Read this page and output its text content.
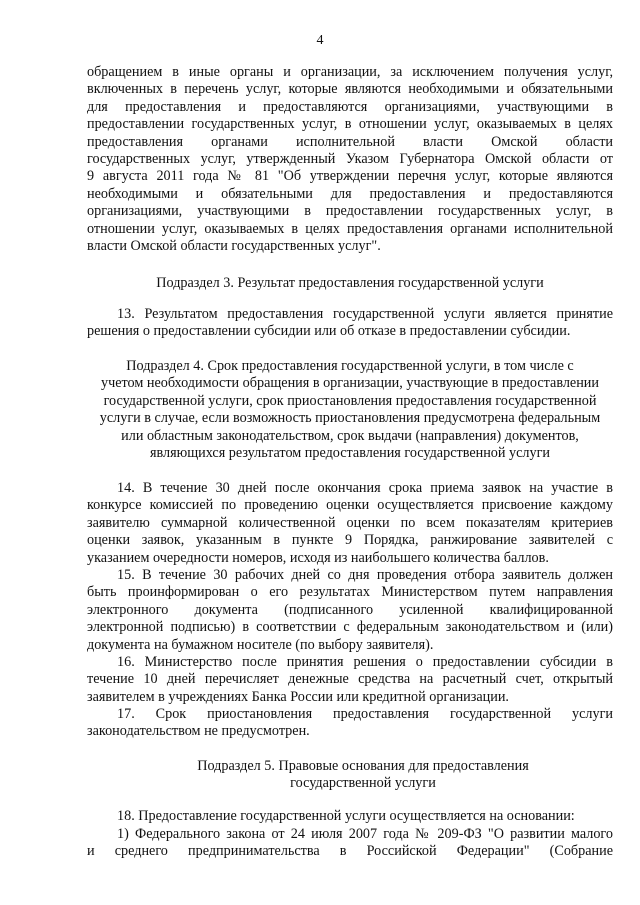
4
обращением в иные органы и организации, за исключением получения услуг,
включенных в перечень услуг, которые являются необходимыми и обязательными
для предоставления и предоставляются организациями, участвующими в
предоставлении государственных услуг, в отношении услуг, оказываемых в целях
предоставления органами исполнительной власти Омской области
государственных услуг, утвержденный Указом Губернатора Омской области от
9 августа 2011 года № 81 "Об утверждении перечня услуг, которые являются
необходимыми и обязательными для предоставления и предоставляются
организациями, участвующими в предоставлении государственных услуг, в
отношении услуг, оказываемых в целях предоставления органами исполнительной
власти Омской области государственных услуг".
Подраздел 3. Результат предоставления государственной услуги
13. Результатом предоставления государственной услуги является принятие
решения о предоставлении субсидии или об отказе в предоставлении субсидии.
Подраздел 4. Срок предоставления государственной услуги, в том числе с
учетом необходимости обращения в организации, участвующие в предоставлении
государственной услуги, срок приостановления предоставления государственной
услуги в случае, если возможность приостановления предусмотрена федеральным
или областным законодательством, срок выдачи (направления) документов,
являющихся результатом предоставления государственной услуги
14. В течение 30 дней после окончания срока приема заявок на участие в
конкурсе комиссией по проведению оценки осуществляется присвоение каждому
заявителю суммарной количественной оценки по всем показателям критериев
оценки заявок, указанным в пункте 9 Порядка, ранжирование заявителей с
указанием очередности номеров, исходя из наибольшего количества баллов.
15. В течение 30 рабочих дней со дня проведения отбора заявитель должен
быть проинформирован о его результатах Министерством путем направления
электронного документа (подписанного усиленной квалифицированной
электронной подписью) в соответствии с федеральным законодательством и (или)
документа на бумажном носителе (по выбору заявителя).
16. Министерство после принятия решения о предоставлении субсидии в
течение 10 дней перечисляет денежные средства на расчетный счет, открытый
заявителем в учреждениях Банка России или кредитной организации.
17. Срок приостановления предоставления государственной услуги
законодательством не предусмотрен.
Подраздел 5. Правовые основания для предоставления
государственной услуги
18. Предоставление государственной услуги осуществляется на основании:
1) Федерального закона от 24 июля 2007 года № 209-ФЗ "О развитии малого
и среднего предпринимательства в Российской Федерации" (Собрание
